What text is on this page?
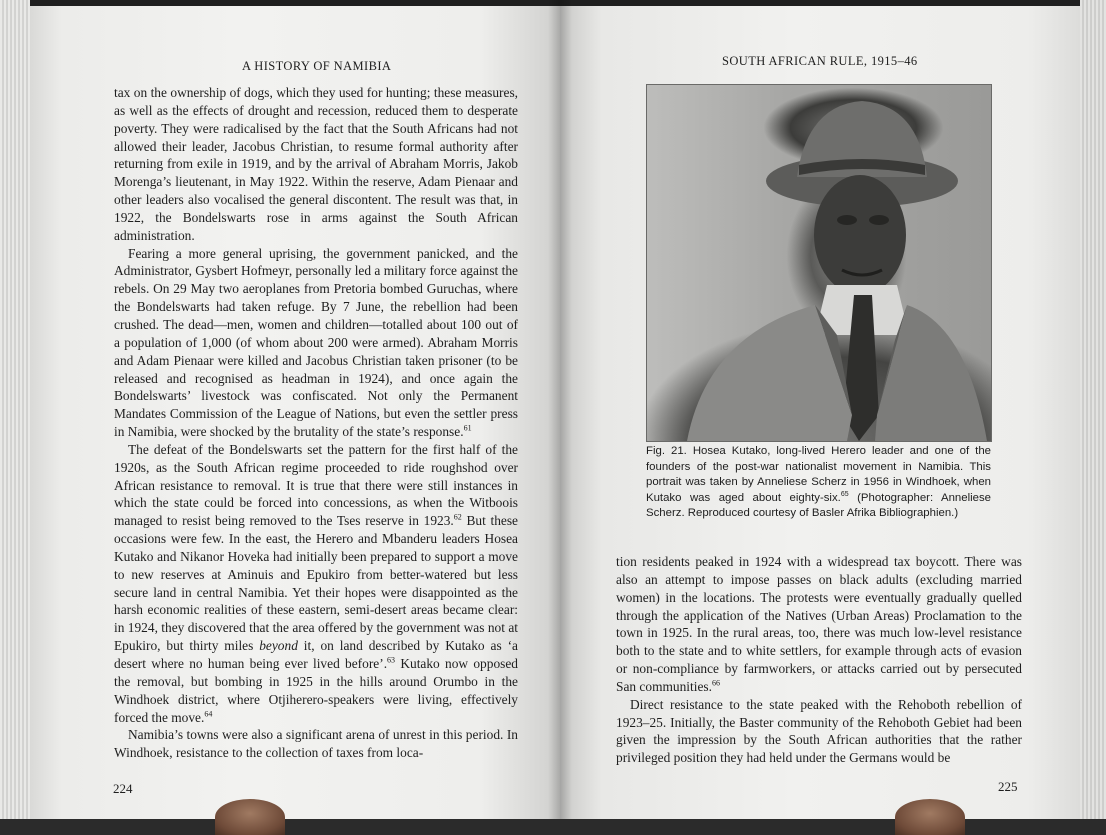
A HISTORY OF NAMIBIA

tax on the ownership of dogs, which they used for hunting; these measures, as well as the effects of drought and recession, reduced them to desperate poverty. They were radicalised by the fact that the South Africans had not allowed their leader, Jacobus Christian, to resume formal authority after returning from exile in 1919, and by the arrival of Abraham Morris, Jakob Morenga’s lieutenant, in May 1922. Within the reserve, Adam Pienaar and other leaders also vocalised the general discontent. The result was that, in 1922, the Bondelswarts rose in arms against the South African administration.

Fearing a more general uprising, the government panicked, and the Administrator, Gysbert Hofmeyr, personally led a military force against the rebels. On 29 May two aeroplanes from Pretoria bombed Guruchas, where the Bondelswarts had taken refuge. By 7 June, the rebellion had been crushed. The dead—men, women and children—totalled about 100 out of a population of 1,000 (of whom about 200 were armed). Abraham Morris and Adam Pienaar were killed and Jacobus Christian taken prisoner (to be released and recognised as headman in 1924), and once again the Bondelswarts’ livestock was confiscated. Not only the Permanent Mandates Commission of the League of Nations, but even the settler press in Namibia, were shocked by the brutality of the state’s response.$^{61}$

The defeat of the Bondelswarts set the pattern for the first half of the 1920s, as the South African regime proceeded to ride roughshod over African resistance to removal. It is true that there were still instances in which the state could be forced into concessions, as when the Witboois managed to resist being removed to the Tses reserve in 1923.62 But these occasions were few. In the east, the Herero and Mbanderu leaders Hosea Kutako and Nikanor Hoveka had initially been prepared to support a move to new reserves at Aminuis and Epukiro from better-watered but less secure land in central Namibia. Yet their hopes were disappointed as the harsh economic realities of these eastern, semi-desert areas became clear: in 1924, they discovered that the area offered by the government was not at Epukiro, but thirty miles beyond it, on land described by Kutako as ‘a desert where no human being ever lived before’.$^{63}$ Kutako now opposed the removal, but bombing in 1925 in the hills around Orumbo in the Windhoek district, where Otjiherero-speakers were living, effectively forced the move.$^{64}$

Namibia’s towns were also a significant arena of unrest in this period. In Windhoek, resistance to the collection of taxes from loca-

224
SOUTH AFRICAN RULE, 1915–46
Fig. 21. Hosea Kutako, long-lived Herero leader and one of the founders of the post-war nationalist movement in Namibia. This portrait was taken by Anneliese Scherz in 1956 in Windhoek, when Kutako was aged about eighty-six.$^{65}$ (Photographer: Anneliese Scherz. Reproduced courtesy of Basler Afrika Bibliographien.)

tion residents peaked in 1924 with a widespread tax boycott. There was also an attempt to impose passes on black adults (excluding married women) in the locations. The protests were eventually gradually quelled through the application of the Natives (Urban Areas) Proclamation to the town in 1925. In the rural areas, too, there was much low-level resistance both to the state and to white settlers, for example through acts of evasion or non-compliance by farmworkers, or attacks carried out by persecuted San communities.$^{66}$

Direct resistance to the state peaked with the Rehoboth rebellion of 1923–25. Initially, the Baster community of the Rehoboth Gebiet had been given the impression by the South African authorities that the rather privileged position they had held under the Germans would be

225
